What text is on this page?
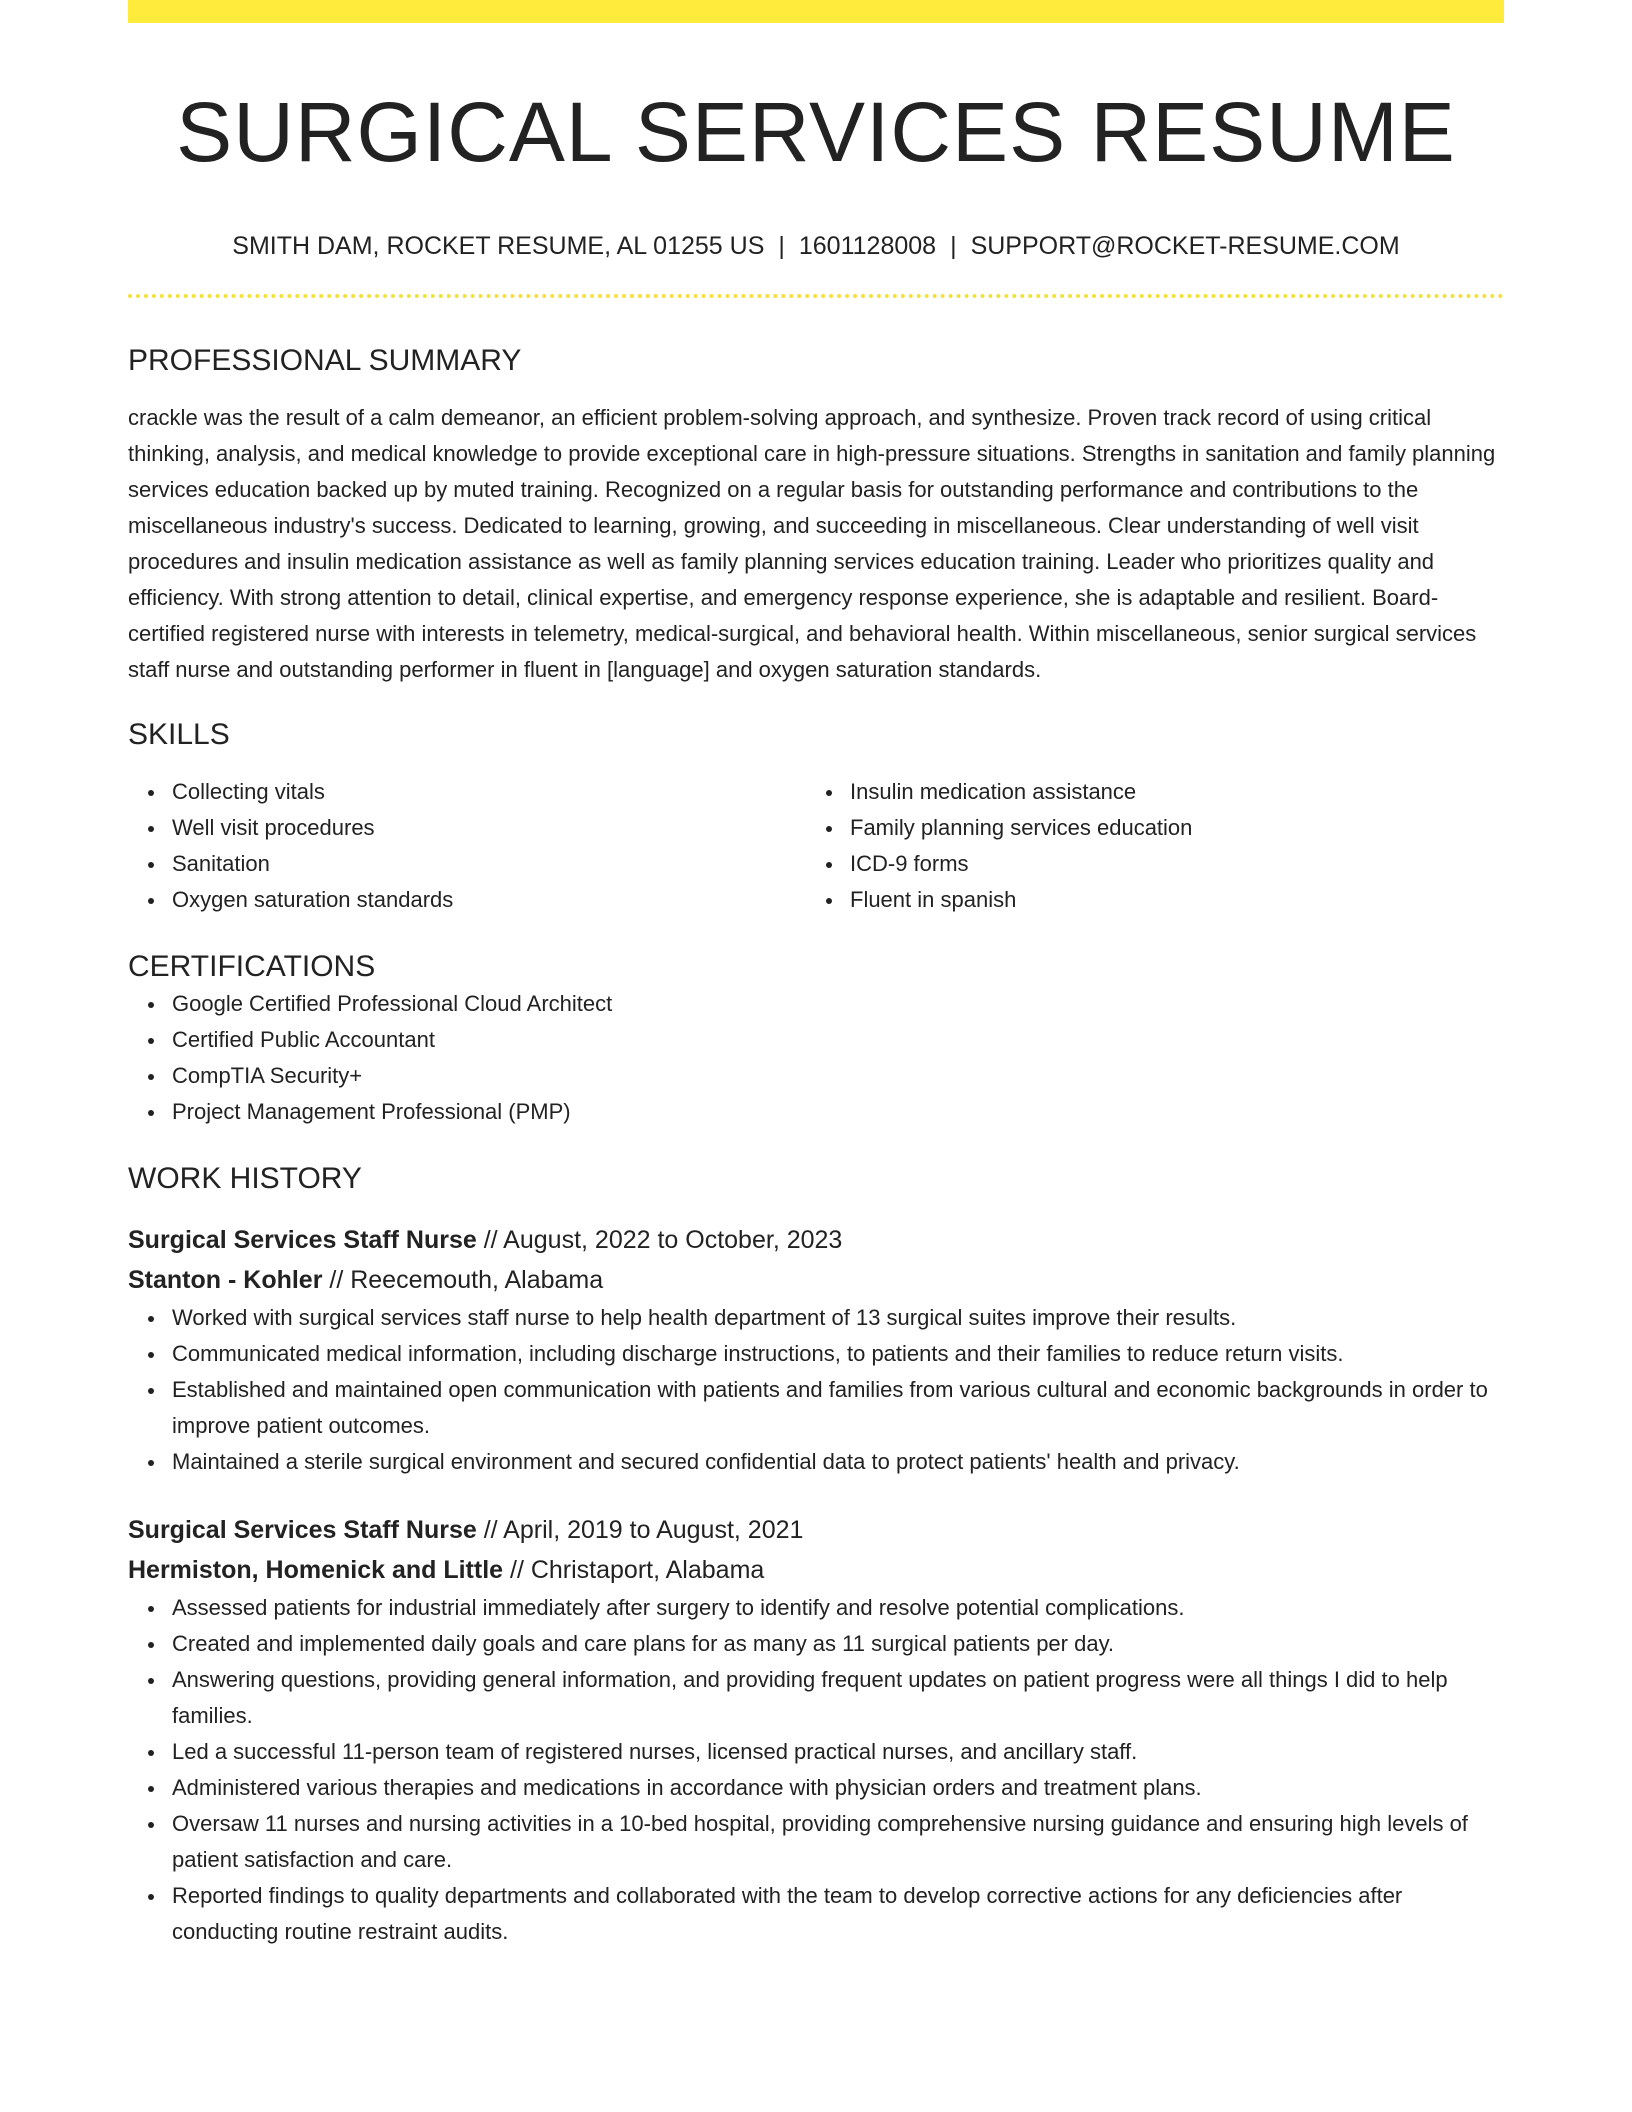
SURGICAL SERVICES RESUME
SMITH DAM, ROCKET RESUME, AL 01255 US | 1601128008 | SUPPORT@ROCKET-RESUME.COM
PROFESSIONAL SUMMARY

crackle was the result of a calm demeanor, an efficient problem-solving approach, and synthesize. Proven track record of using critical thinking, analysis, and medical knowledge to provide exceptional care in high-pressure situations. Strengths in sanitation and family planning services education backed up by muted training. Recognized on a regular basis for outstanding performance and contributions to the miscellaneous industry's success. Dedicated to learning, growing, and succeeding in miscellaneous. Clear understanding of well visit procedures and insulin medication assistance as well as family planning services education training. Leader who prioritizes quality and efficiency. With strong attention to detail, clinical expertise, and emergency response experience, she is adaptable and resilient. Board-certified registered nurse with interests in telemetry, medical-surgical, and behavioral health. Within miscellaneous, senior surgical services staff nurse and outstanding performer in fluent in [language] and oxygen saturation standards.

SKILLS
Collecting vitals
Well visit procedures
Sanitation
Oxygen saturation standards
Insulin medication assistance
Family planning services education
ICD-9 forms
Fluent in spanish
CERTIFICATIONS
Google Certified Professional Cloud Architect
Certified Public Accountant
CompTIA Security+
Project Management Professional (PMP)
WORK HISTORY
Surgical Services Staff Nurse // August, 2022 to October, 2023
Stanton - Kohler // Reecemouth, Alabama
Worked with surgical services staff nurse to help health department of 13 surgical suites improve their results.
Communicated medical information, including discharge instructions, to patients and their families to reduce return visits.
Established and maintained open communication with patients and families from various cultural and economic backgrounds in order to improve patient outcomes.
Maintained a sterile surgical environment and secured confidential data to protect patients' health and privacy.
Surgical Services Staff Nurse // April, 2019 to August, 2021
Hermiston, Homenick and Little // Christaport, Alabama
Assessed patients for industrial immediately after surgery to identify and resolve potential complications.
Created and implemented daily goals and care plans for as many as 11 surgical patients per day.
Answering questions, providing general information, and providing frequent updates on patient progress were all things I did to help families.
Led a successful 11-person team of registered nurses, licensed practical nurses, and ancillary staff.
Administered various therapies and medications in accordance with physician orders and treatment plans.
Oversaw 11 nurses and nursing activities in a 10-bed hospital, providing comprehensive nursing guidance and ensuring high levels of patient satisfaction and care.
Reported findings to quality departments and collaborated with the team to develop corrective actions for any deficiencies after conducting routine restraint audits.
